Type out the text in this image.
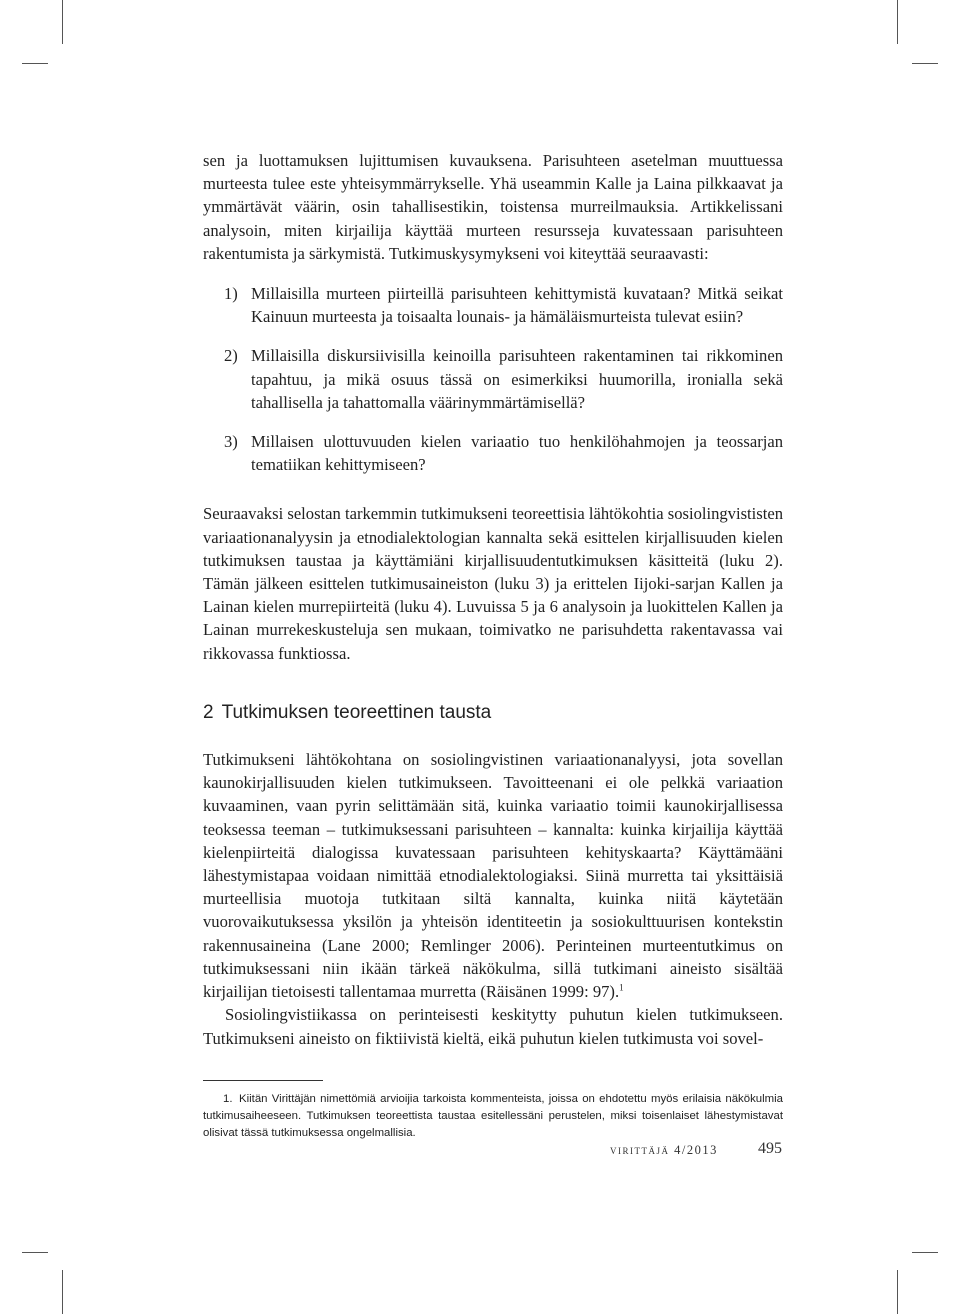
sen ja luottamuksen lujittumisen kuvauksena. Parisuhteen asetelman muuttuessa murteesta tulee este yhteisymmärrykselle. Yhä useammin Kalle ja Laina pilkkaavat ja ymmärtävät väärin, osin tahallisestikin, toistensa murreilmauksia. Artikkelissani analysoin, miten kirjailija käyttää murteen resursseja kuvatessaan parisuhteen rakentumista ja särkymistä. Tutkimuskysymykseni voi kiteyttää seuraavasti:

1) Millaisilla murteen piirteillä parisuhteen kehittymistä kuvataan? Mitkä seikat Kainuun murteesta ja toisaalta lounais- ja hämäläismurteista tulevat esiin?
2) Millaisilla diskursiivisilla keinoilla parisuhteen rakentaminen tai rikkominen tapahtuu, ja mikä osuus tässä on esimerkiksi huumorilla, ironialla sekä tahallisella ja tahattomalla väärinymmärtämisellä?
3) Millaisen ulottuvuuden kielen variaatio tuo henkilöhahmojen ja teossarjan tematiikan kehittymiseen?

Seuraavaksi selostan tarkemmin tutkimukseni teoreettisia lähtökohtia sosiolingvististen variaationanalyysin ja etnodialektologian kannalta sekä esittelen kirjallisuuden kielen tutkimuksen taustaa ja käyttämiäni kirjallisuudentutkimuksen käsitteitä (luku 2). Tämän jälkeen esittelen tutkimusaineiston (luku 3) ja erittelen Iijoki-sarjan Kallen ja Lainan kielen murrepiirteitä (luku 4). Luvuissa 5 ja 6 analysoin ja luokittelen Kallen ja Lainan murrekeskusteluja sen mukaan, toimivatko ne parisuhdetta rakentavassa vai rikkovassa funktiossa.

2 Tutkimuksen teoreettinen tausta

Tutkimukseni lähtökohtana on sosiolingvistinen variaationanalyysi, jota sovellan kaunokirjallisuuden kielen tutkimukseen. Tavoitteenani ei ole pelkkä variaation kuvaaminen, vaan pyrin selittämään sitä, kuinka variaatio toimii kaunokirjallisessa teoksessa teeman – tutkimuksessani parisuhteen – kannalta: kuinka kirjailija käyttää kielenpiirteitä dialogissa kuvatessaan parisuhteen kehityskaarta? Käyttämääni lähestymistapaa voidaan nimittää etnodialektologiaksi. Siinä murretta tai yksittäisiä murteellisia muotoja tutkitaan siltä kannalta, kuinka niitä käytetään vuorovaikutuksessa yksilön ja yhteisön identiteetin ja sosiokulttuurisen kontekstin rakennusaineina (Lane 2000; Remlinger 2006). Perinteinen murteentutkimus on tutkimuksessani niin ikään tärkeä näkökulma, sillä tutkimani aineisto sisältää kirjailijan tietoisesti tallentamaa murretta (Räisänen 1999: 97).$^1$

Sosiolingvistiikassa on perinteisesti keskitytty puhutun kielen tutkimukseen. Tutkimukseni aineisto on fiktiivistä kieltä, eikä puhutun kielen tutkimusta voi sovel-

1. Kiitän Virittäjän nimettömiä arvioijia tarkoista kommenteista, joissa on ehdotettu myös erilaisia näkökulmia tutkimusaiheeseen. Tutkimuksen teoreettista taustaa esitellessäni perustelen, miksi toisenlaiset lähestymistavat olisivat tässä tutkimuksessa ongelmallisia.

virittäjä 4/2013	495
